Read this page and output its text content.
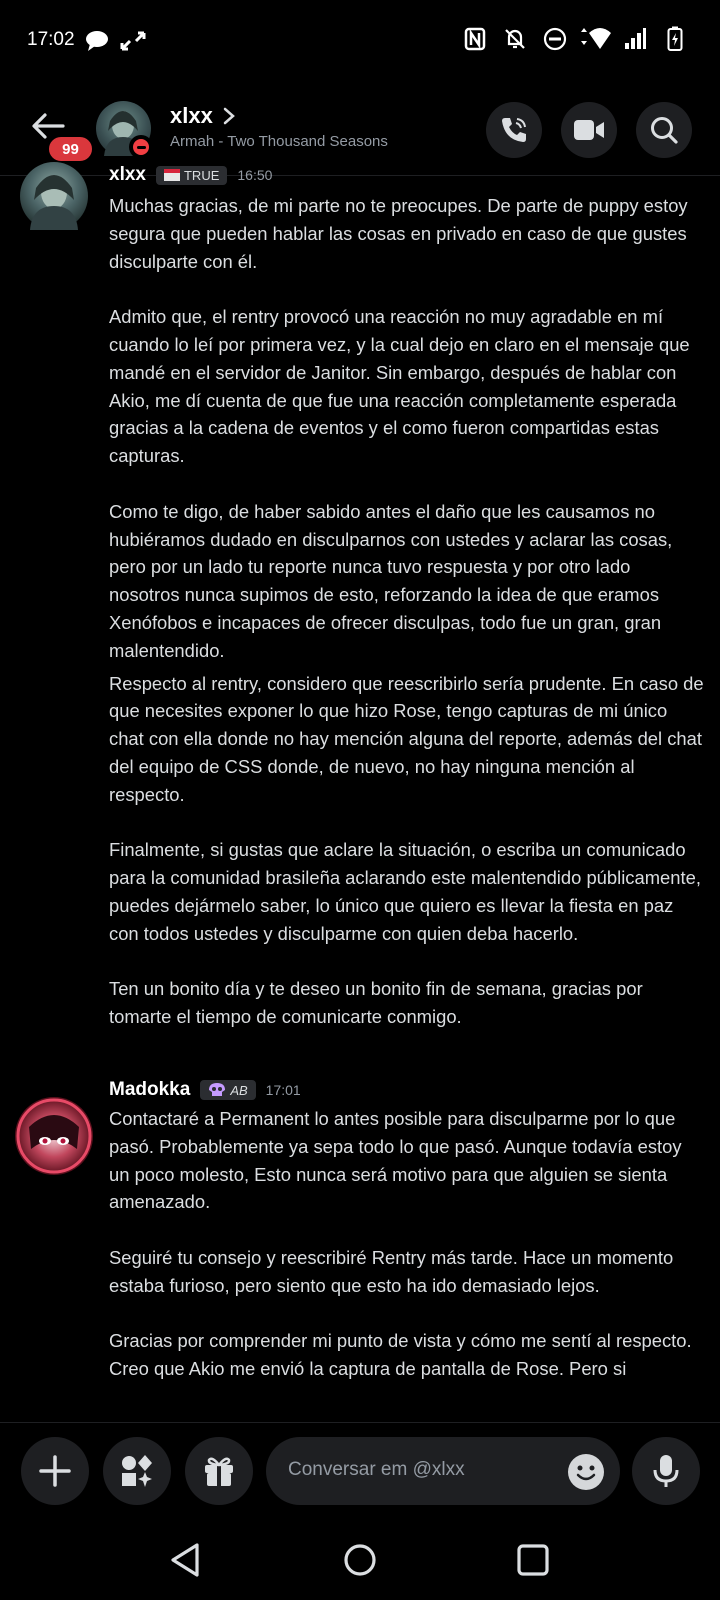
17:02
99
xlxx
Armah - Two Thousand Seasons
xlxx	TRUE 16:50

Muchas gracias, de mi parte no te preocupes. De parte de puppy estoy segura que pueden hablar las cosas en privado en caso de que gustes disculparte con él.

Admito que, el rentry provocó una reacción no muy agradable en mí cuando lo leí por primera vez, y la cual dejo en claro en el mensaje que mandé en el servidor de Janitor. Sin embargo, después de hablar con Akio, me dí cuenta de que fue una reacción completamente esperada gracias a la cadena de eventos y el como fueron compartidas estas capturas.

Como te digo, de haber sabido antes el daño que les causamos no hubiéramos dudado en disculparnos con ustedes y aclarar las cosas, pero por un lado tu reporte nunca tuvo respuesta y por otro lado nosotros nunca supimos de esto, reforzando la idea de que eramos Xenófobos e incapaces de ofrecer disculpas, todo fue un gran, gran malentendido.

Respecto al rentry, considero que reescribirlo sería prudente. En caso de que necesites exponer lo que hizo Rose, tengo capturas de mi único chat con ella donde no hay mención alguna del reporte, además del chat del equipo de CSS donde, de nuevo, no hay ninguna mención al respecto.

Finalmente, si gustas que aclare la situación, o escriba un comunicado para la comunidad brasileña aclarando este malentendido públicamente, puedes dejármelo saber, lo único que quiero es llevar la fiesta en paz con todos ustedes y disculparme con quien deba hacerlo.

Ten un bonito día y te deseo un bonito fin de semana, gracias por tomarte el tiempo de comunicarte conmigo.

Madokka	AB 17:01

Contactaré a Permanent lo antes posible para disculparme por lo que pasó. Probablemente ya sepa todo lo que pasó. Aunque todavía estoy un poco molesto, Esto nunca será motivo para que alguien se sienta amenazado.

Seguiré tu consejo y reescribiré Rentry más tarde. Hace un momento estaba furioso, pero siento que esto ha ido demasiado lejos.

Gracias por comprender mi punto de vista y cómo me sentí al respecto.

Creo que Akio me envió la captura de pantalla de Rose. Pero si

Conversar em @xlxx
